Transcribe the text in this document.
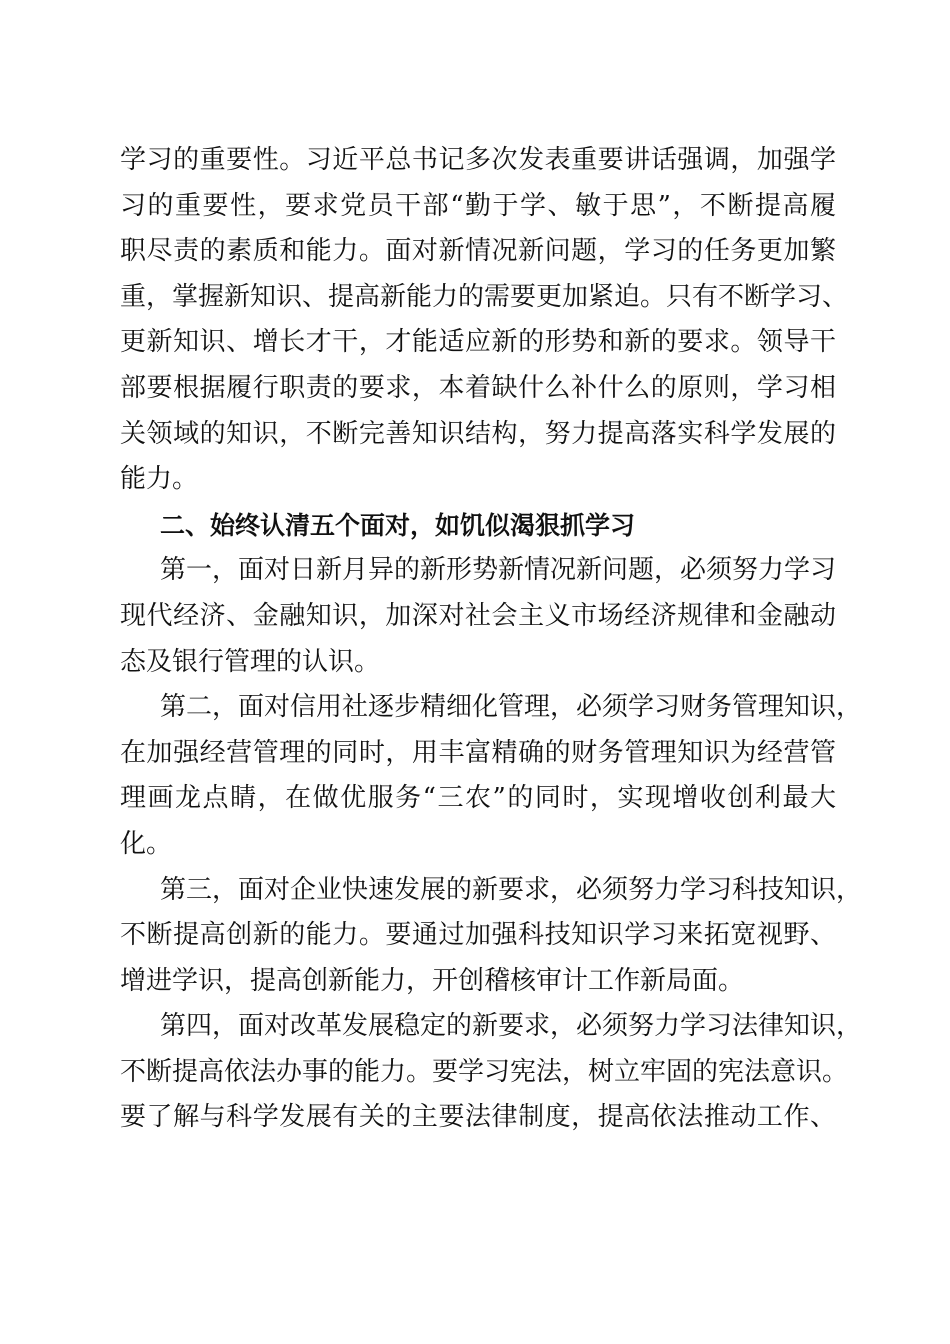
学习的重要性。习近平总书记多次发表重要讲话强调，加强学
习的重要性，要求党员干部“勤于学、敏于思”，不断提高履
职尽责的素质和能力。面对新情况新问题，学习的任务更加繁
重，掌握新知识、提高新能力的需要更加紧迫。只有不断学习、
更新知识、增长才干，才能适应新的形势和新的要求。领导干
部要根据履行职责的要求，本着缺什么补什么的原则，学习相
关领域的知识，不断完善知识结构，努力提高落实科学发展的
能力。
二、始终认清五个面对，如饥似渴狠抓学习
第一，面对日新月异的新形势新情况新问题，必须努力学习
现代经济、金融知识，加深对社会主义市场经济规律和金融动
态及银行管理的认识。
第二，面对信用社逐步精细化管理，必须学习财务管理知识，
在加强经营管理的同时，用丰富精确的财务管理知识为经营管
理画龙点睛，在做优服务“三农”的同时，实现增收创利最大
化。
第三，面对企业快速发展的新要求，必须努力学习科技知识，
不断提高创新的能力。要通过加强科技知识学习来拓宽视野、
增进学识，提高创新能力，开创稽核审计工作新局面。
第四，面对改革发展稳定的新要求，必须努力学习法律知识，
不断提高依法办事的能力。要学习宪法，树立牢固的宪法意识。
要了解与科学发展有关的主要法律制度，提高依法推动工作、
